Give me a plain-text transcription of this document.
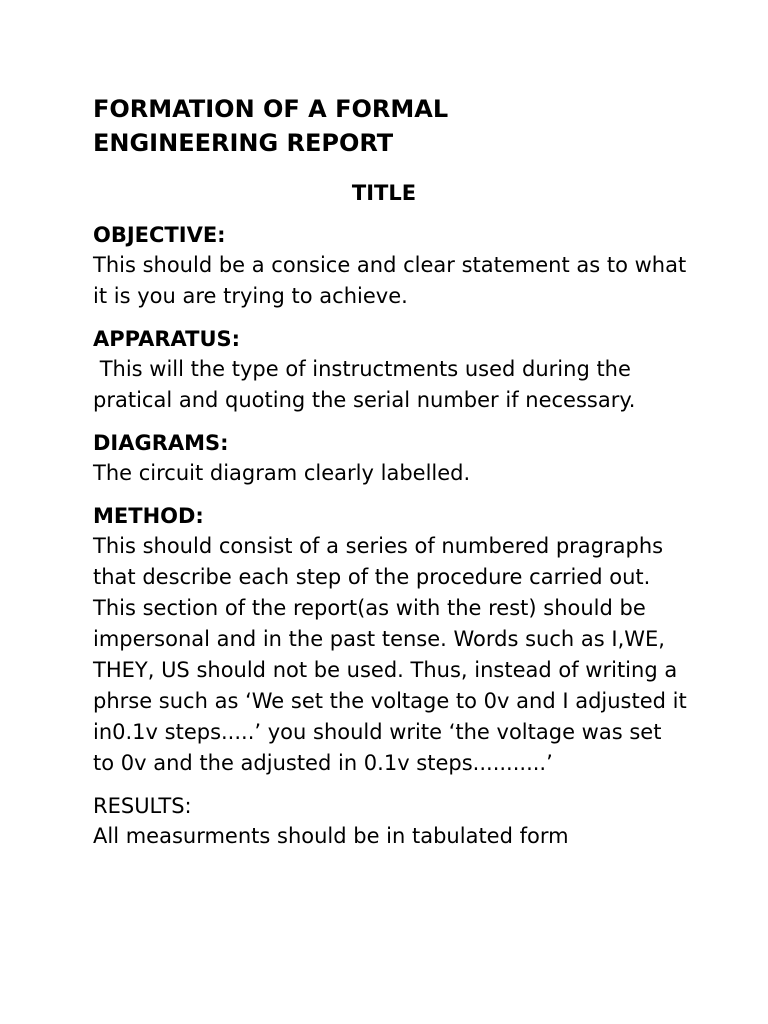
FORMATION OF A FORMAL ENGINEERING REPORT
TITLE
OBJECTIVE:

This should be a consice and clear statement as to what it is you are trying to achieve.

APPARATUS:

This will the type of instructments used during the pratical and quoting the serial number if necessary.

DIAGRAMS:

The circuit diagram clearly labelled.

METHOD:

This should consist of a series of numbered pragraphs that describe each step of the procedure carried out. This section of the report(as with the rest) should be impersonal and in the past tense. Words such as I,WE, THEY, US should not be used. Thus, instead of writing a phrse such as ‘We set the voltage to 0v and I adjusted it in0.1v steps.....’ you should write ‘the voltage was set to 0v and the adjusted in 0.1v steps...........’

RESULTS:

All measurments should be in tabulated form
